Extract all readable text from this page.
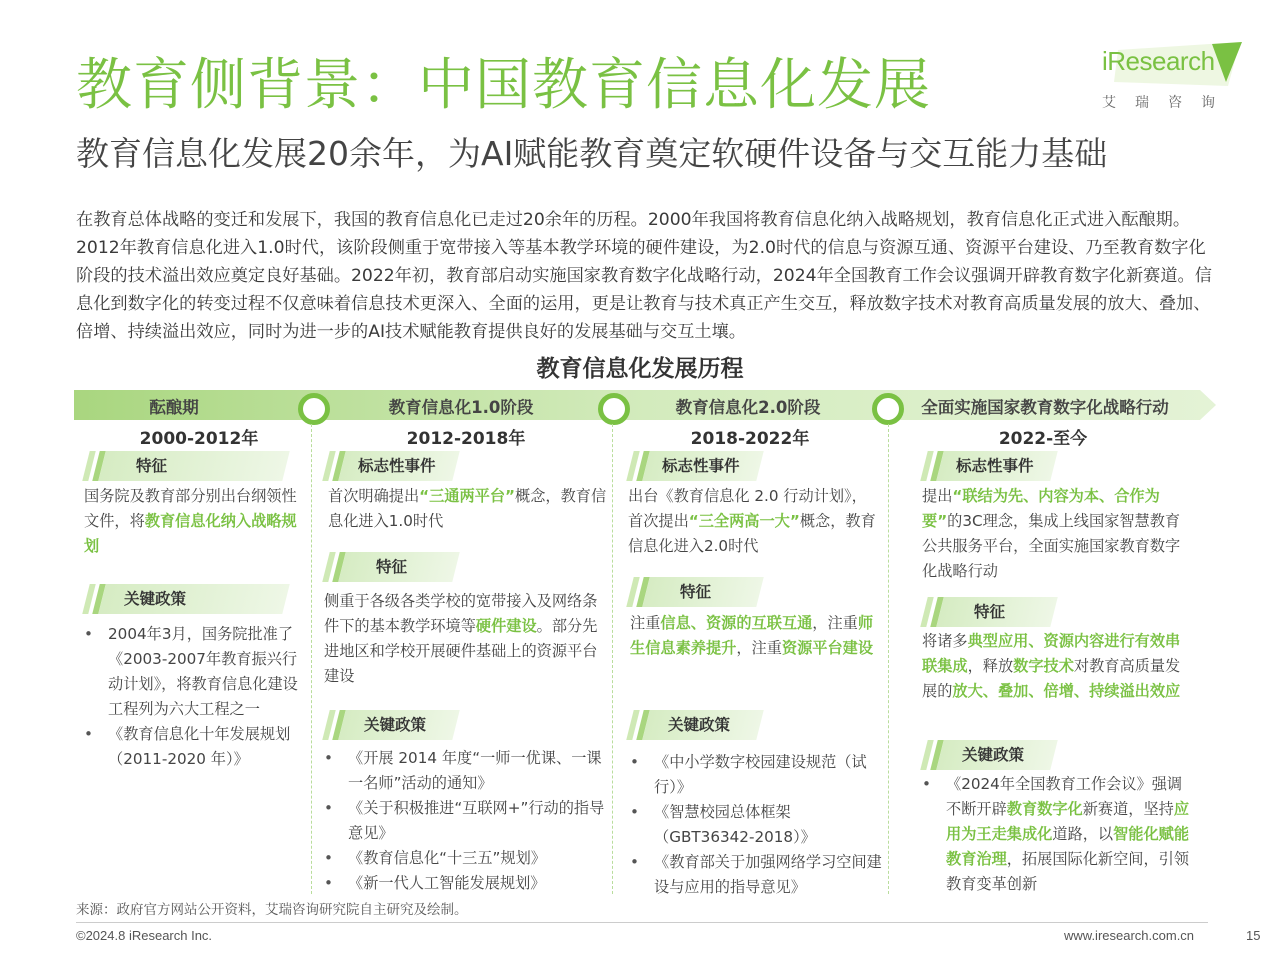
教育侧背景：中国教育信息化发展
教育信息化发展20余年，为AI赋能教育奠定软硬件设备与交互能力基础
iResearch
艾瑞咨询
在教育总体战略的变迁和发展下，我国的教育信息化已走过20余年的历程。2000年我国将教育信息化纳入战略规划，教育信息化正式进入酝酿期。2012年教育信息化进入1.0时代，该阶段侧重于宽带接入等基本教学环境的硬件建设，为2.0时代的信息与资源互通、资源平台建设、乃至教育数字化阶段的技术溢出效应奠定良好基础。2022年初，教育部启动实施国家教育数字化战略行动，2024年全国教育工作会议强调开辟教育数字化新赛道。信息化到数字化的转变过程不仅意味着信息技术更深入、全面的运用，更是让教育与技术真正产生交互，释放数字技术对教育高质量发展的放大、叠加、倍增、持续溢出效应，同时为进一步的AI技术赋能教育提供良好的发展基础与交互土壤。
教育信息化发展历程
酝酿期	教育信息化1.0阶段	教育信息化2.0阶段	全面实施国家教育数字化战略行动
2000-2012年	2012-2018年	2018-2022年	2022-至今
特征
国务院及教育部分别出台纲领性文件，将教育信息化纳入战略规划
关键政策
• 2004年3月，国务院批准了《2003-2007年教育振兴行动计划》，将教育信息化建设工程列为六大工程之一
• 《教育信息化十年发展规划 （2011-2020 年）》
标志性事件
首次明确提出“三通两平台”概念，教育信息化进入1.0时代
特征
侧重于各级各类学校的宽带接入及网络条件下的基本教学环境等硬件建设。部分先进地区和学校开展硬件基础上的资源平台建设
关键政策
• 《开展 2014 年度“一师一优课、一课一名师”活动的通知》
• 《关于积极推进“互联网+”行动的指导意见》
• 《教育信息化“十三五”规划》
• 《新一代人工智能发展规划》
标志性事件
出台《教育信息化 2.0 行动计划》，首次提出“三全两高一大”概念，教育信息化进入2.0时代
特征
注重信息、资源的互联互通，注重师生信息素养提升，注重资源平台建设
关键政策
• 《中小学数字校园建设规范（试行）》
• 《智慧校园总体框架（GBT36342-2018）》
• 《教育部关于加强网络学习空间建设与应用的指导意见》
标志性事件
提出“联结为先、内容为本、合作为要”的3C理念，集成上线国家智慧教育公共服务平台，全面实施国家教育数字化战略行动
特征
将诸多典型应用、资源内容进行有效串联集成，释放数字技术对教育高质量发展的放大、叠加、倍增、持续溢出效应
关键政策
• 《2024年全国教育工作会议》强调不断开辟教育数字化新赛道，坚持应用为王走集成化道路，以智能化赋能教育治理，拓展国际化新空间，引领教育变革创新
来源：政府官方网站公开资料，艾瑞咨询研究院自主研究及绘制。
©2024.8 iResearch Inc.	www.iresearch.com.cn	15
